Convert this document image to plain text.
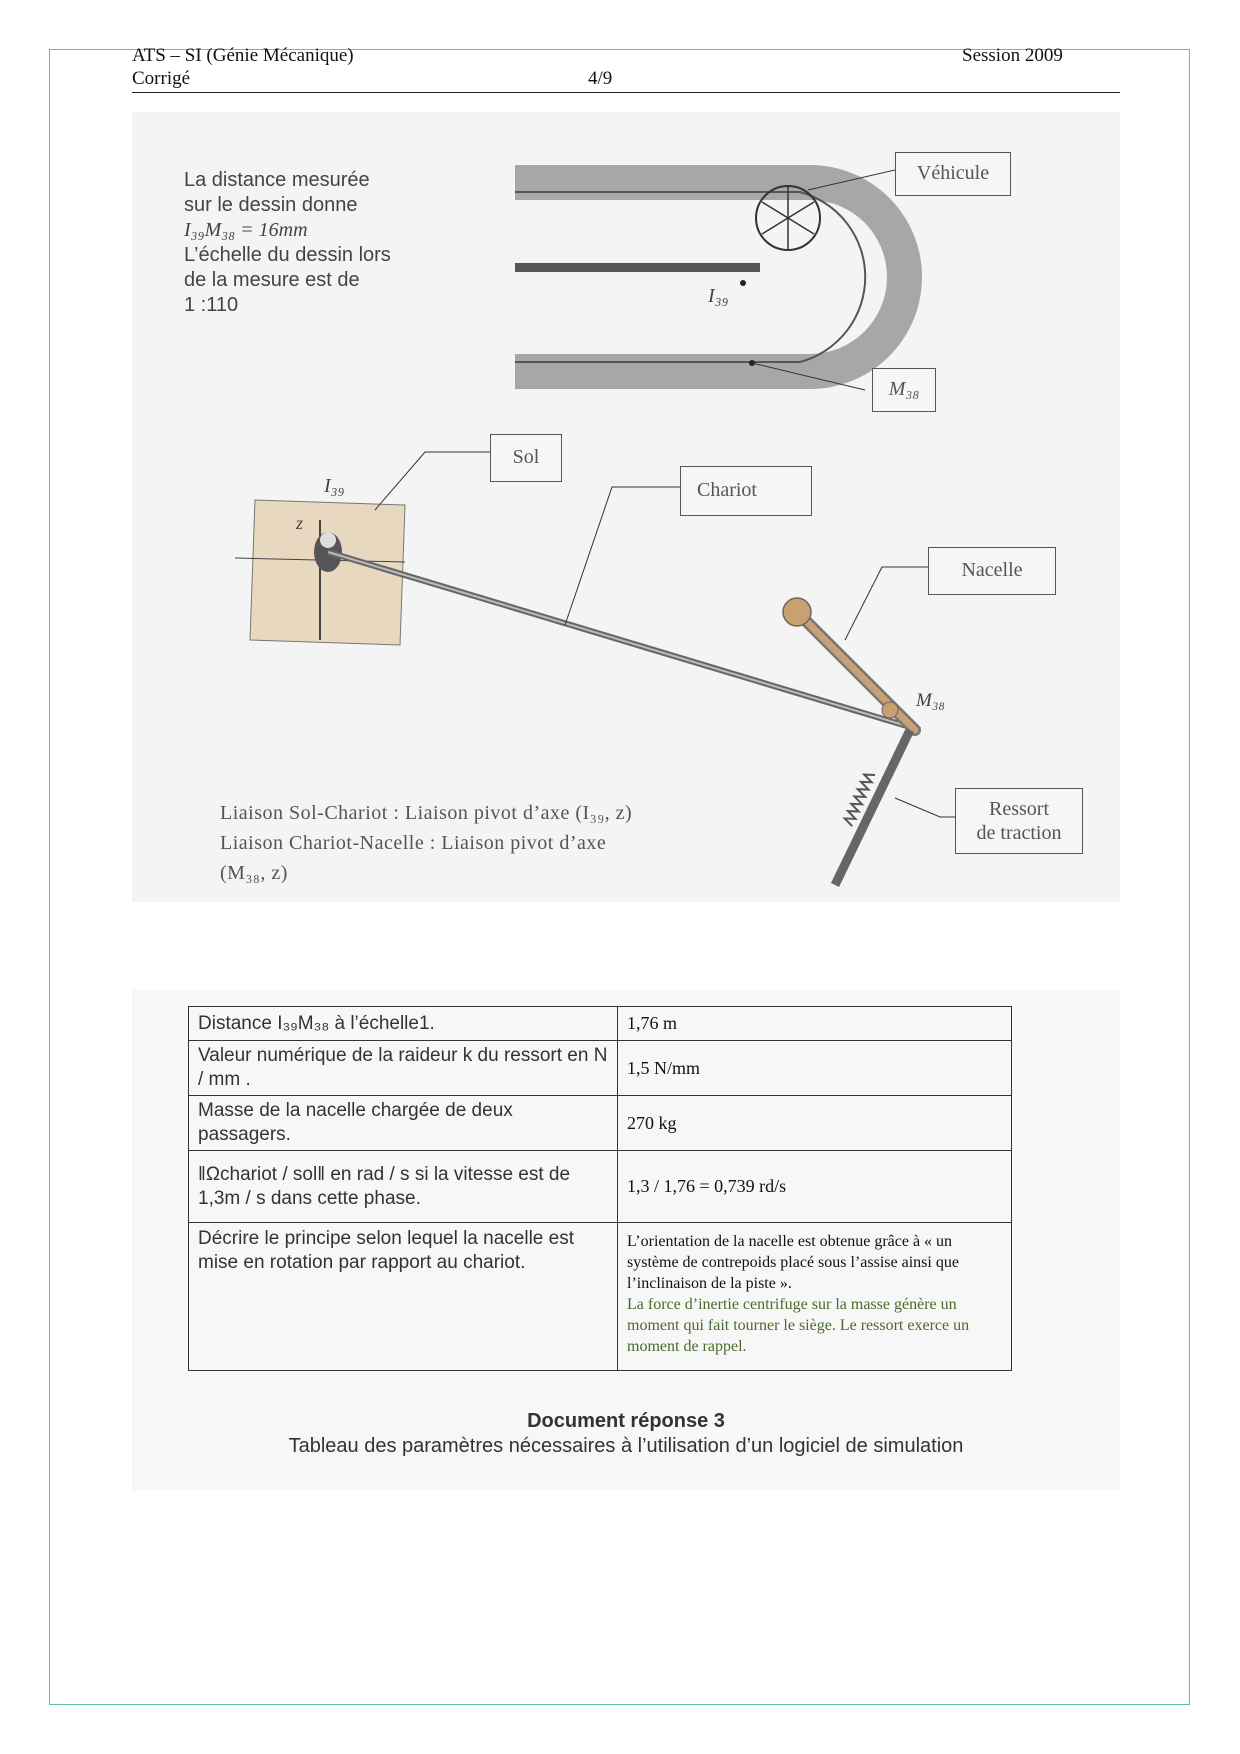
ATS – SI (Génie Mécanique)	Session 2009
Corrigé	4/9
La distance mesurée
sur le dessin donne
I₃₉M₃₈ = 16mm
L’échelle du dessin lors
de la mesure est de
1 :110	I₃₉
Véhicule
M₃₈
I₃₉
z
M₃₈
Sol
Chariot
Nacelle
Ressort
de traction
Liaison Sol-Chariot : Liaison pivot d’axe (I₃₉, z)
Liaison Chariot-Nacelle : Liaison pivot d’axe
(M₃₈, z)
Distance I₃₉M₃₈ à l’échelle1.	1,76 m
Valeur numérique de la raideur k du ressort en N / mm .	1,5 N/mm
Masse de la nacelle chargée de deux passagers.	270 kg
‖Ωchariot / sol‖ en rad / s si la vitesse est de 1,3m / s dans cette phase.	1,3 / 1,76 = 0,739 rd/s
Décrire le principe selon lequel la nacelle est mise en rotation par rapport au chariot.	L’orientation de la nacelle est obtenue grâce à « un système de contrepoids placé sous l’assise ainsi que l’inclinaison de la piste ».
La force d’inertie centrifuge sur la masse génère un moment qui fait tourner le siège. Le ressort exerce un moment de rappel.
Document réponse 3
Tableau des paramètres nécessaires à l’utilisation d’un logiciel de simulation
